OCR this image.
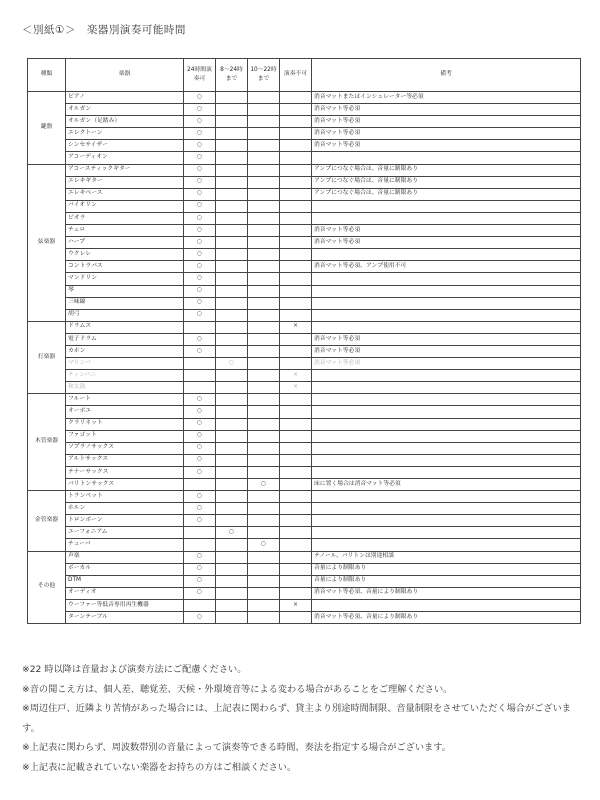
＜別紙①＞　楽器別演奏可能時間
種類	楽器	24時間演奏可	8～24時まで	10～22時まで	演奏不可	備考
鍵盤	ピアノ	○				消音マットまたはインシュレーター等必須
	オルガン	○				消音マット等必須
	オルガン（足踏み）	○				消音マット等必須
	エレクトーン	○				消音マット等必須
	シンセサイザー	○				消音マット等必須
	アコーディオン	○				
弦楽器	アコースティックギター	○				アンプにつなぐ場合は、音量に制限あり
	エレキギター	○				アンプにつなぐ場合は、音量に制限あり
	エレキベース	○				アンプにつなぐ場合は、音量に制限あり
	バイオリン	○				
	ビオラ	○				
	チェロ	○				消音マット等必須
	ハープ	○				消音マット等必須
	ウクレレ	○				
	コントラバス	○				消音マット等必須、アンプ使用不可
	マンドリン	○				
	琴	○				
	三味線	○				
	胡弓	○				
打楽器	ドラムス				×	
	電子ドラム	○				消音マット等必須
	カホン	○				消音マット等必須
	マリンバ		○			消音マット等必須
	ティンパニ				×	
	和太鼓				×	
木管楽器	フルート	○				
	オーボエ	○				
	クラリネット	○				
	ファゴット	○				
	ソプラノサックス	○				
	アルトサックス	○				
	テナーサックス	○				
	バリトンサックス			○		床に置く場合は消音マット等必須
金管楽器	トランペット	○				
	ホルン	○				
	トロンボーン	○				
	ユーフォニアム		○			
	チューバ			○		
その他	声楽	○				テノール、バリトンは別途相談
	ボーカル	○				音量により制限あり
	DTM	○				音量により制限あり
	オーディオ	○				消音マット等必須、音量により制限あり
	ウーファー等低音専用再生機器				×	
	ターンテーブル	○				消音マット等必須、音量により制限あり

※22 時以降は音量および演奏方法にご配慮ください。

※音の聞こえ方は、個人差、聴覚差、天候・外環境音等による変わる場合があることをご理解ください。

※周辺住戸、近隣より苦情があった場合には、上記表に関わらず、貸主より別途時間制限、音量制限をさせていただく場合がございます。

※上記表に関わらず、周波数帯別の音量によって演奏等できる時間、奏法を指定する場合がございます。

※上記表に記載されていない楽器をお持ちの方はご相談ください。
